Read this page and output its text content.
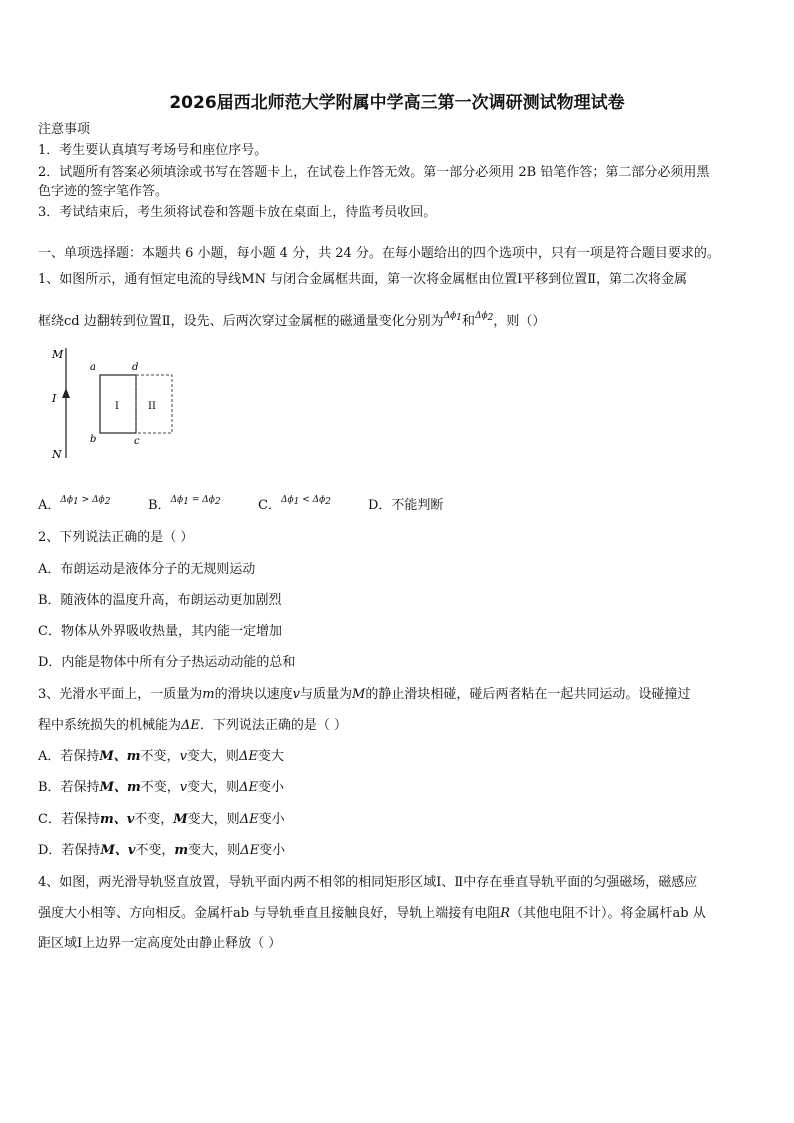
2026届西北师范大学附属中学高三第一次调研测试物理试卷
注意事项
1．考生要认真填写考场号和座位序号。
2．试题所有答案必须填涂或书写在答题卡上，在试卷上作答无效。第一部分必须用 2B 铅笔作答；第二部分必须用黑
色字迹的签字笔作答。
3．考试结束后，考生须将试卷和答题卡放在桌面上，待监考员收回。
一、单项选择题：本题共 6 小题，每小题 4 分，共 24 分。在每小题给出的四个选项中，只有一项是符合题目要求的。
1、如图所示，通有恒定电流的导线MN 与闭合金属框共面，第一次将金属框由位置Ⅰ平移到位置Ⅱ，第二次将金属
框绕cd 边翻转到位置Ⅱ，设先、后两次穿过金属框的磁通量变化分别为$^{\Delta\phi 1}$和$^{\Delta\phi 2}$，则（）
M
I
N
a	d
b	c
I	II
A．$^{\Delta\phi 1 > \Delta\phi 2}$	B．$^{\Delta\phi 1 = \Delta\phi 2}$	C．$^{\Delta\phi 1 < \Delta\phi 2}$	D．不能判断
2、下列说法正确的是（ ）
A．布朗运动是液体分子的无规则运动
B．随液体的温度升高，布朗运动更加剧烈
C．物体从外界吸收热量，其内能一定增加
D．内能是物体中所有分子热运动动能的总和
3、光滑水平面上，一质量为m的滑块以速度v与质量为M的静止滑块相碰，碰后两者粘在一起共同运动。设碰撞过
程中系统损失的机械能为ΔE．下列说法正确的是（ ）
A．若保持M、m不变，v变大，则ΔE变大
B．若保持M、m不变，v变大，则ΔE变小
C．若保持m、v不变，M变大，则ΔE变小
D．若保持M、v不变，m变大，则ΔE变小
4、如图，两光滑导轨竖直放置，导轨平面内两不相邻的相同矩形区域Ⅰ、Ⅱ中存在垂直导轨平面的匀强磁场，磁感应
强度大小相等、方向相反。金属杆ab 与导轨垂直且接触良好，导轨上端接有电阻R（其他电阻不计）。将金属杆ab 从
距区域Ⅰ上边界一定高度处由静止释放（ ）
